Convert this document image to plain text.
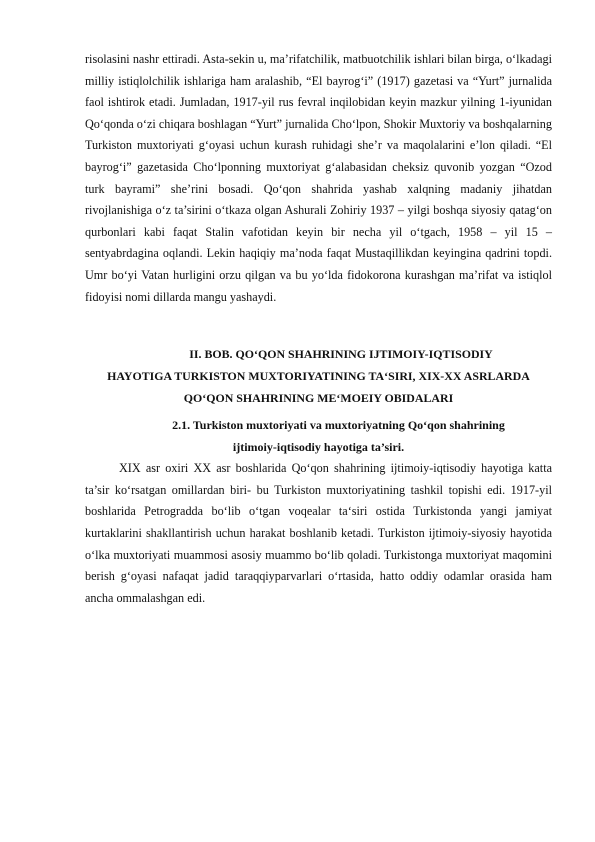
risolasini nashr ettiradi. Asta-sekin u, maʼrifatchilik, matbuotchilik ishlari bilan birga, oʻlkadagi milliy istiqlolchilik ishlariga ham aralashib, “El bayrogʻi” (1917) gazetasi va “Yurt” jurnalida faol ishtirok etadi. Jumladan, 1917-yil rus fevral inqilobidan keyin mazkur yilning 1-iyunidan Qoʻqonda oʻzi chiqara boshlagan “Yurt” jurnalida Choʻlpon, Shokir Muxtoriy va boshqalarning Turkiston muxtoriyati gʻoyasi uchun kurash ruhidagi sheʼr va maqolalarini eʼlon qiladi. “El bayrogʻi” gazetasida Choʻlponning muxtoriyat gʻalabasidan cheksiz quvonib yozgan “Ozod turk bayrami” sheʼrini bosadi. Qo‘qon shahrida yashab xalqning madaniy jihatdan rivojlanishiga o‘z ta’sirini o‘tkaza olgan Ashurali Zohiriy 1937 – yilgi boshqa siyosiy qatag‘on qurbonlari kabi faqat Stalin vafotidan keyin bir necha yil o‘tgach, 1958 – yil 15 – sentyabrdagina oqlandi. Lekin haqiqiy ma’noda faqat Mustaqillikdan keyingina qadrini topdi. Umr bo‘yi Vatan hurligini orzu qilgan va bu yo‘lda fidokorona kurashgan ma’rifat va istiqlol fidoyisi nomi dillarda mangu yashaydi.

II. BOB. QO‘QON SHAHRINING IJTIMOIY-IQTISODIY
HAYOTIGA TURKISTON MUXTORIYATINING TA‘SIRI, XIX-XX ASRLARDA QO‘QON SHAHRINING ME‘MOEIY OBIDALARI
2.1. Turkiston muxtoriyati va muxtoriyatning Qo‘qon shahrining
ijtimoiy-iqtisodiy hayotiga ta’siri.

XIX asr oxiri XX asr boshlarida Qo‘qon shahrining ijtimoiy-iqtisodiy hayotiga katta ta’sir ko‘rsatgan omillardan biri- bu Turkiston muxtoriyatining tashkil topishi edi. 1917-yil boshlarida Petrogradda bo‘lib o‘tgan voqealar ta‘siri ostida Turkistonda yangi jamiyat kurtaklarini shakllantirish uchun harakat boshlanib ketadi. Turkiston ijtimoiy-siyosiy hayotida o‘lka muxtoriyati muammosi asosiy muammo bo‘lib qoladi. Turkistonga muxtoriyat maqomini berish g‘oyasi nafaqat jadid taraqqiyparvarlari o‘rtasida, hatto oddiy odamlar orasida ham ancha ommalashgan edi.
